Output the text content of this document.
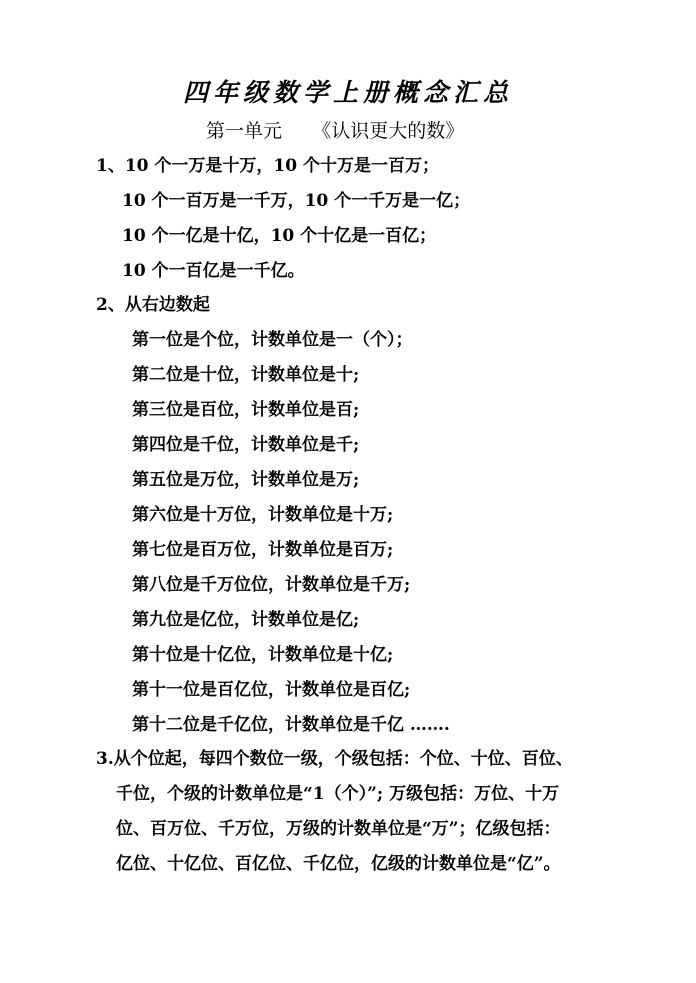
四年级数学上册概念汇总
第一单元     《认识更大的数》
1、10 个一万是十万，10 个十万是一百万；
10 个一百万是一千万，10 个一千万是一亿；
10 个一亿是十亿，10 个十亿是一百亿；
10 个一百亿是一千亿。
2、从右边数起
第一位是个位，计数单位是一（个）；
第二位是十位，计数单位是十;
第三位是百位，计数单位是百;
第四位是千位，计数单位是千;
第五位是万位，计数单位是万;
第六位是十万位，计数单位是十万;
第七位是百万位，计数单位是百万;
第八位是千万位位，计数单位是千万;
第九位是亿位，计数单位是亿;
第十位是十亿位，计数单位是十亿;
第十一位是百亿位，计数单位是百亿;
第十二位是千亿位，计数单位是千亿 …….
3.从个位起，每四个数位一级，个级包括：个位、十位、百位、
千位，个级的计数单位是“1（个）”; 万级包括：万位、十万
位、百万位、千万位，万级的计数单位是“万”；亿级包括：
亿位、十亿位、百亿位、千亿位，亿级的计数单位是“亿”。
